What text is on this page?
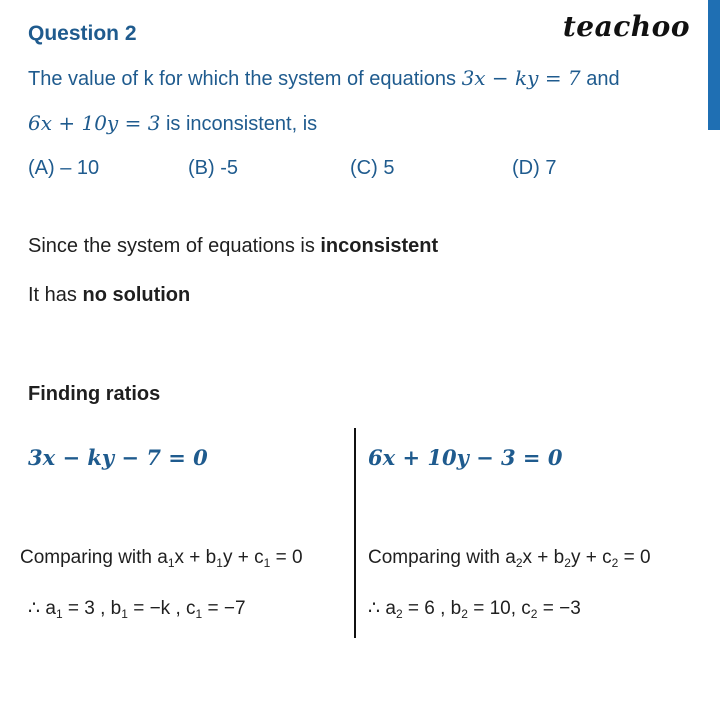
Question 2	teachoo
The value of k for which the system of equations 3x − ky = 7 and
6x + 10y = 3 is inconsistent, is
(A) – 10	(B) -5	(C) 5	(D) 7
Since the system of equations is inconsistent
It has no solution
Finding ratios
3x − ky − 7 = 0	6x + 10y − 3 = 0
Comparing with $a_1x + b_1y + c_1 = 0$	Comparing with $a_2x + b_2y + c_2 = 0$
∴ $a_1 = 3$ , $b_1 = -k$ , $c_1 = -7$	∴ $a_2 = 6$ , $b_2 = 10$, $c_2 = -3$
